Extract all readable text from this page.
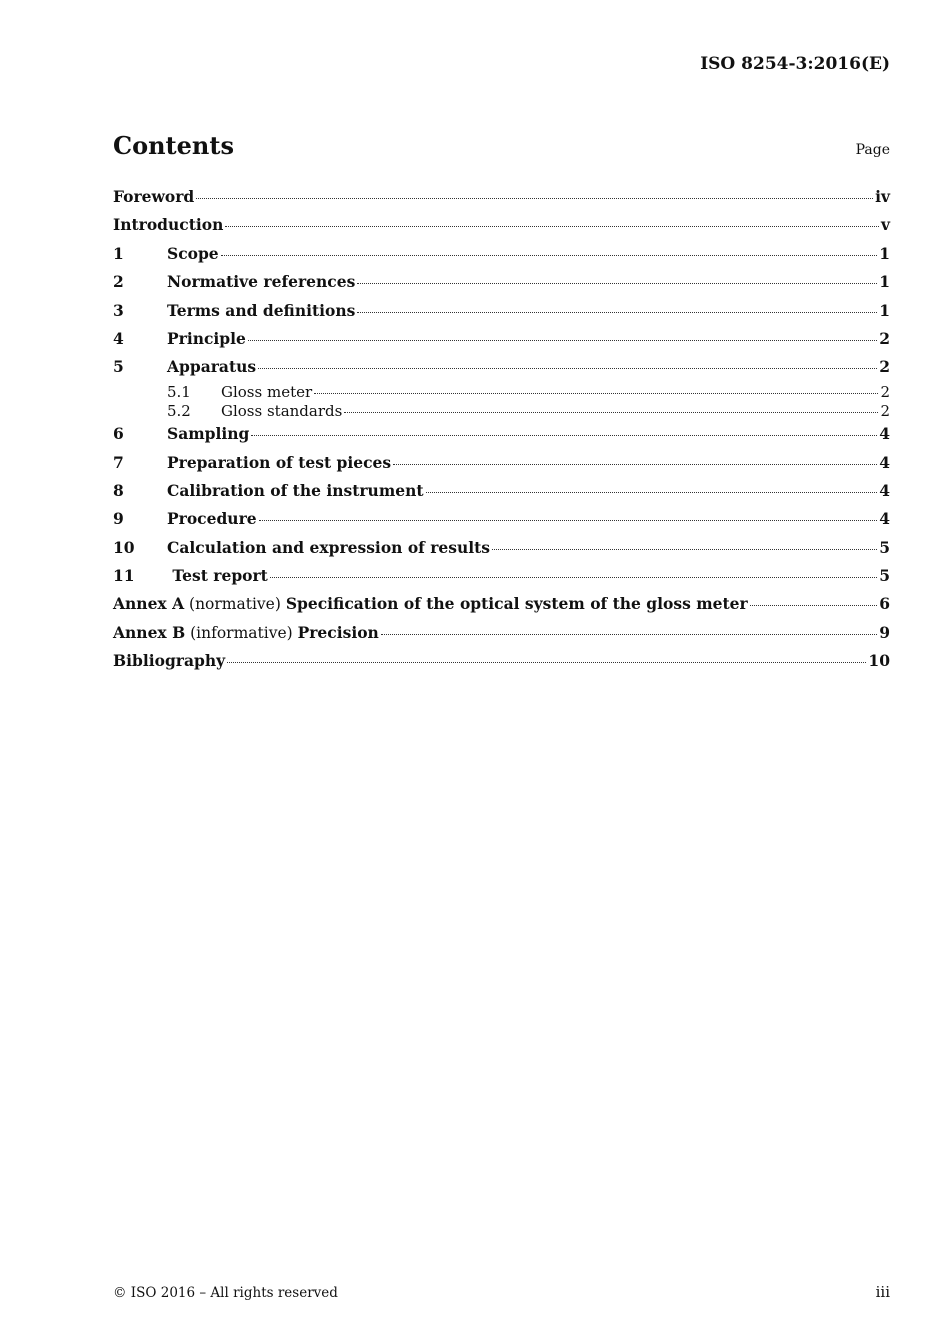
ISO 8254-3:2016(E)
Contents	Page
Foreword	iv
Introduction	v
1	Scope	1
2	Normative references	1
3	Terms and definitions	1
4	Principle	2
5	Apparatus	2
5.1	Gloss meter	2
5.2	Gloss standards	2
6	Sampling	4
7	Preparation of test pieces	4
8	Calibration of the instrument	4
9	Procedure	4
10	Calculation and expression of results	5
11	Test report	5
Annex A (normative) Specification of the optical system of the gloss meter	6
Annex B (informative) Precision	9
Bibliography	10
© ISO 2016 – All rights reserved	iii
